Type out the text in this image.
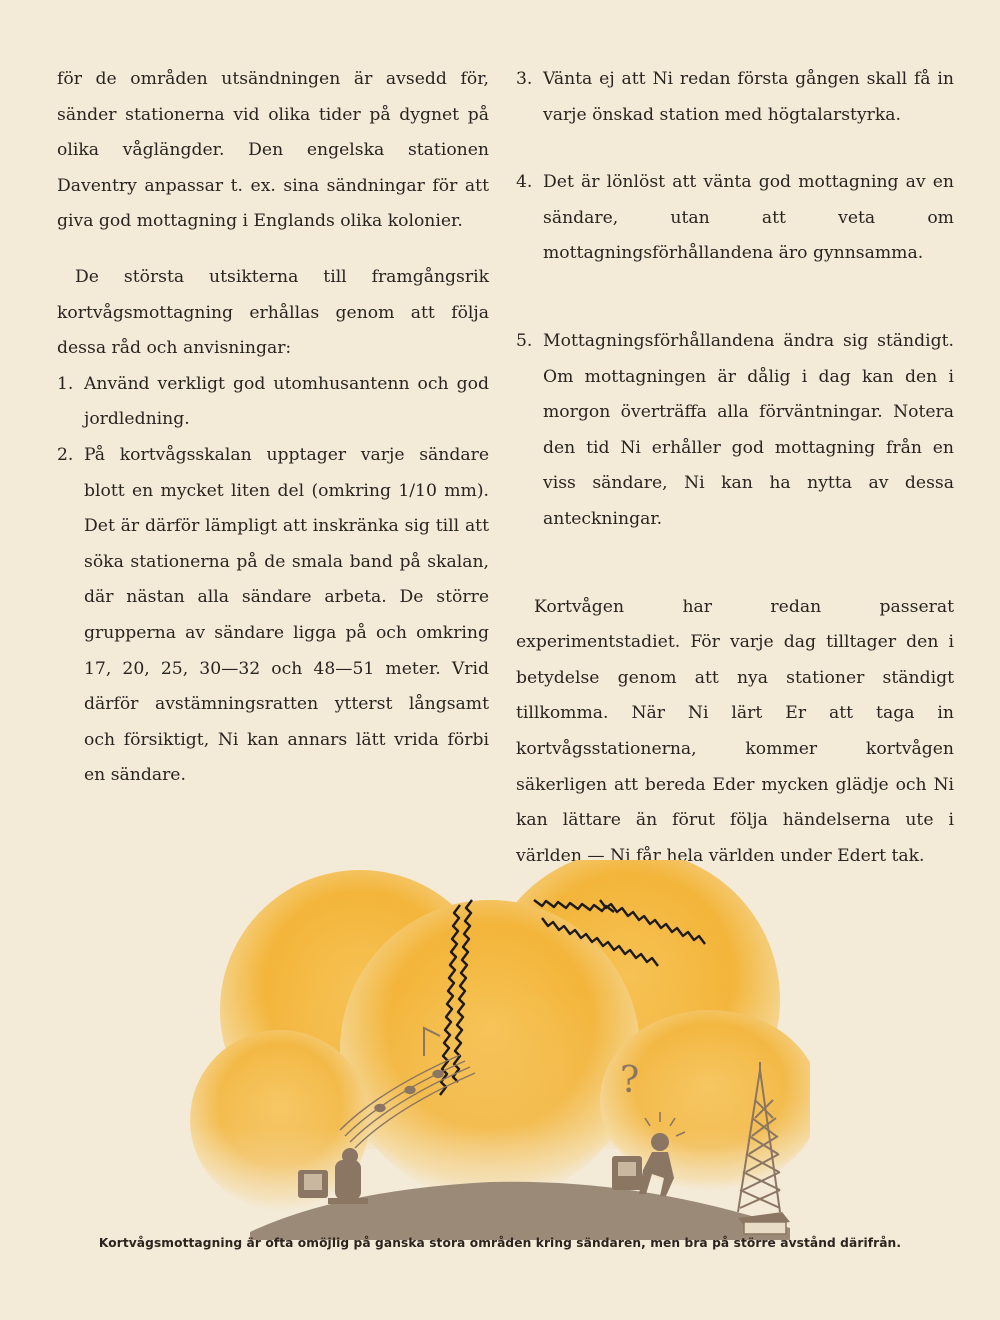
för de områden utsändningen är avsedd för, sänder stationerna vid olika tider på dygnet på olika våglängder. Den engelska stationen Daventry anpassar t. ex. sina sändningar för att giva god mottagning i Englands olika kolonier.

De största utsikterna till framgångsrik kortvågsmottagning erhållas genom att följa dessa råd och anvisningar:

1. Använd verkligt god utomhusantenn och god jordledning.
2. På kortvågsskalan upptager varje sändare blott en mycket liten del (omkring 1/10 mm). Det är därför lämpligt att inskränka sig till att söka stationerna på de smala band på skalan, där nästan alla sändare arbeta. De större grupperna av sändare ligga på och omkring 17, 20, 25, 30—32 och 48—51 meter. Vrid därför avstämningsratten ytterst långsamt och försiktigt, Ni kan annars lätt vrida förbi en sändare.
3. Vänta ej att Ni redan första gången skall få in varje önskad station med högtalarstyrka.
4. Det är lönlöst att vänta god mottagning av en sändare, utan att veta om mottagningsförhållandena äro gynnsamma.
5. Mottagningsförhållandena ändra sig ständigt. Om mottagningen är dålig i dag kan den i morgon överträffa alla förväntningar. Notera den tid Ni erhåller god mottagning från en viss sändare, Ni kan ha nytta av dessa anteckningar.

Kortvågen har redan passerat experimentstadiet. För varje dag tilltager den i betydelse genom att nya stationer ständigt tillkomma. När Ni lärt Er att taga in kortvågsstationerna, kommer kortvågen säkerligen att bereda Eder mycken glädje och Ni kan lättare än förut följa händelserna ute i världen — Ni får hela världen under Edert tak.

?
Kortvågsmottagning är ofta omöjlig på ganska stora områden kring sändaren, men bra på större avstånd därifrån.
